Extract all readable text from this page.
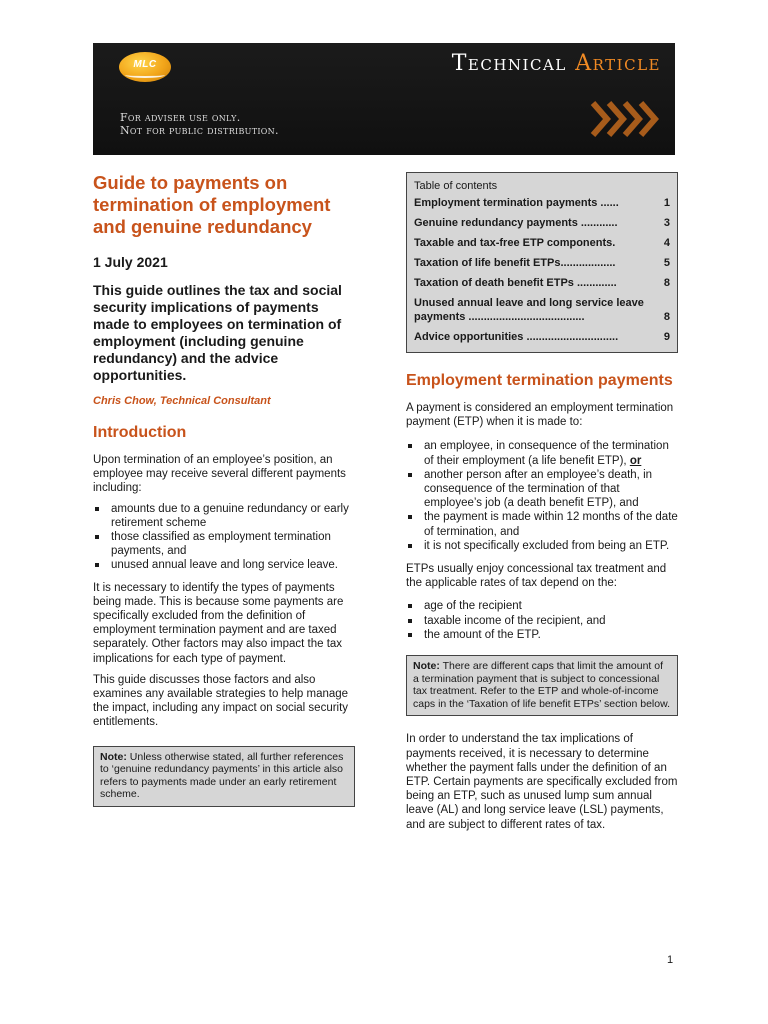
MLC	Technical Article
For adviser use only.
Not for public distribution.
Guide to payments on termination of employment and genuine redundancy
1 July 2021
This guide outlines the tax and social security implications of payments made to employees on termination of employment (including genuine redundancy) and the advice opportunities.
Chris Chow, Technical Consultant
Introduction

Upon termination of an employee’s position, an employee may receive several different payments including:

amounts due to a genuine redundancy or early retirement scheme
those classified as employment termination payments, and
unused annual leave and long service leave.

It is necessary to identify the types of payments being made. This is because some payments are specifically excluded from the definition of employment termination payment and are taxed separately. Other factors may also impact the tax implications for each type of payment.

This guide discusses those factors and also examines any available strategies to help manage the impact, including any impact on social security entitlements.

Note: Unless otherwise stated, all further references to ‘genuine redundancy payments’ in this article also refers to payments made under an early retirement scheme.
Table of contents
1
Employment termination payments ......
3
Genuine redundancy payments ............
4
Taxable and tax-free ETP components.
5
Taxation of life benefit ETPs..................
8
Taxation of death benefit ETPs .............
8
Unused annual leave and long service leave payments ......................................
9
Advice opportunities ..............................
Employment termination payments

A payment is considered an employment termination payment (ETP) when it is made to:

an employee, in consequence of the termination of their employment (a life benefit ETP), or
another person after an employee’s death, in consequence of the termination of that employee’s job (a death benefit ETP), and
the payment is made within 12 months of the date of termination, and
it is not specifically excluded from being an ETP.

ETPs usually enjoy concessional tax treatment and the applicable rates of tax depend on the:

age of the recipient
taxable income of the recipient, and
the amount of the ETP.
Note: There are different caps that limit the amount of a termination payment that is subject to concessional tax treatment. Refer to the ETP and whole-of-income caps in the ‘Taxation of life benefit ETPs’ section below.

In order to understand the tax implications of payments received, it is necessary to determine whether the payment falls under the definition of an ETP. Certain payments are specifically excluded from being an ETP, such as unused lump sum annual leave (AL) and long service leave (LSL) payments, and are subject to different rates of tax.

1
